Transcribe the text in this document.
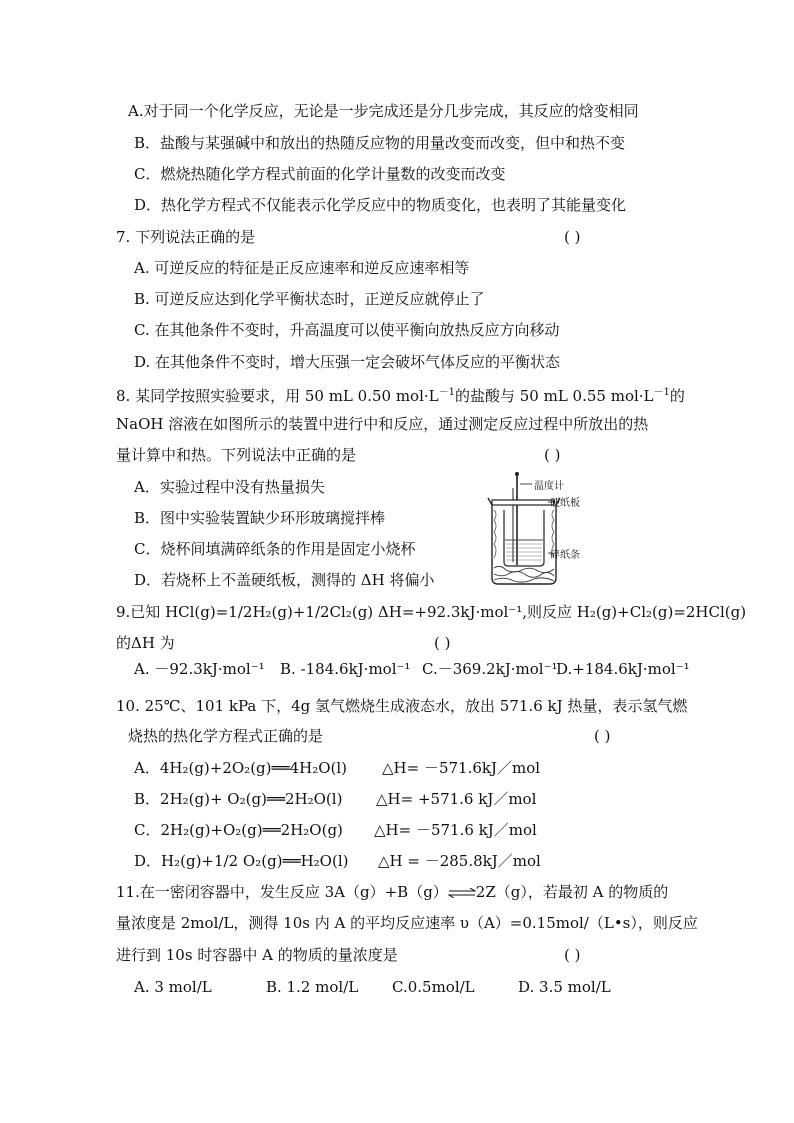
A.对于同一个化学反应，无论是一步完成还是分几步完成，其反应的焓变相同
B．盐酸与某强碱中和放出的热随反应物的用量改变而改变，但中和热不变
C．燃烧热随化学方程式前面的化学计量数的改变而改变
D．热化学方程式不仅能表示化学反应中的物质变化，也表明了其能量变化
7. 下列说法正确的是	( )
A. 可逆反应的特征是正反应速率和逆反应速率相等
B. 可逆反应达到化学平衡状态时，正逆反应就停止了
C. 在其他条件不变时，升高温度可以使平衡向放热反应方向移动
D. 在其他条件不变时，增大压强一定会破坏气体反应的平衡状态
8. 某同学按照实验要求，用 50 mL 0.50 $mol\cdot L^{-1}$的盐酸与 50 mL 0.55 $mol\cdot L^{-1}$的
NaOH 溶液在如图所示的装置中进行中和反应，通过测定反应过程中所放出的热
量计算中和热。下列说法中正确的是	( )
A．实验过程中没有热量损失
B．图中实验装置缺少环形玻璃搅拌棒
C．烧杯间填满碎纸条的作用是固定小烧杯
D．若烧杯上不盖硬纸板，测得的 ΔH 将偏小
温度计
硬纸板
碎纸条
9.已知 HCl(g)=1/2H₂(g)+1/2Cl₂(g) ΔH=+92.3kJ·mol⁻¹,则反应 H₂(g)+Cl₂(g)=2HCl(g)
的ΔH 为	( )
A. －92.3kJ·mol⁻¹ B. -184.6kJ·mol⁻¹ C.－369.2kJ·mol⁻¹
D.+184.6kJ·mol⁻¹
10. 25℃、101 kPa 下，4g 氢气燃烧生成液态水，放出 571.6 kJ 热量，表示氢气燃
烧热的热化学方程式正确的是	( )
A．4H₂(g)+2O₂(g)══4H₂O(l) △H= －571.6kJ／mol
B．2H₂(g)+ O₂(g)══2H₂O(l) △H= +571.6 kJ／mol
C．2H₂(g)+O₂(g)══2H₂O(g) △H= －571.6 kJ／mol
D．H₂(g)+1/2 O₂(g)══H₂O(l) △H = －285.8kJ／mol
11.在一密闭容器中，发生反应 3A（g）+B（g）⇌2Z（g），若最初 A 的物质的
量浓度是 2mol/L，测得 10s 内 A 的平均反应速率 υ（A）=0.15mol/（L•s），则反应
进行到 10s 时容器中 A 的物质的量浓度是	( )
A. 3 mol/L	B. 1.2 mol/L C.0.5mol/L	D. 3.5 mol/L
